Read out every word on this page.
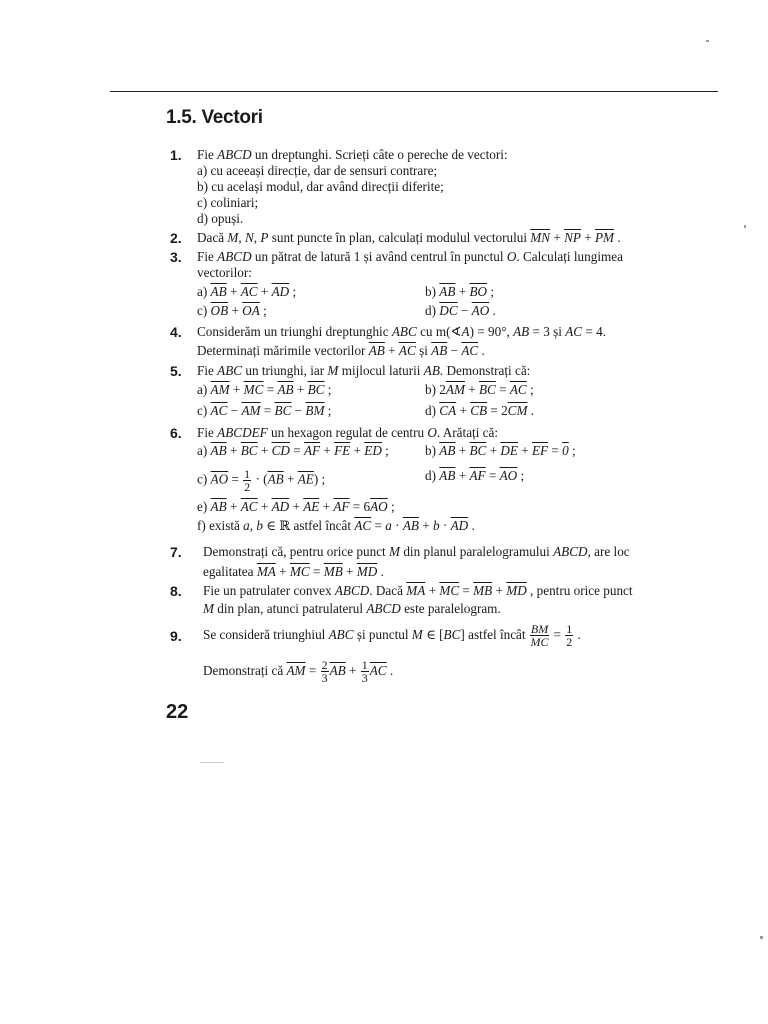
1.5. Vectori
1. Fie ABCD un dreptunghi. Scrieți câte o pereche de vectori:
a) cu aceeași direcție, dar de sensuri contrare;
b) cu același modul, dar având direcții diferite;
c) coliniari;
d) opuși.
2. Dacă M, N, P sunt puncte în plan, calculați modulul vectorului $\overline{MN} + \overline{NP} + \overline{PM}$ .
3. Fie ABCD un pătrat de latură 1 și având centrul în punctul O. Calculați lungimea
vectorilor:
a) $\overline{AB} + \overline{AC} + \overline{AD}$ ;	b) $\overline{AB} + \overline{BO}$ ;
c) $\overline{OB} + \overline{OA}$ ;	d) $\overline{DC} - \overline{AO}$ .
4. Considerăm un triunghi dreptunghic ABC cu m(∢A) = 90°, AB = 3 și AC = 4.
Determinați mărimile vectorilor $\overline{AB} + \overline{AC}$ și $\overline{AB} - \overline{AC}$ .
5. Fie ABC un triunghi, iar M mijlocul laturii AB. Demonstrați că:
a) $\overline{AM} + \overline{MC} = \overline{AB} + \overline{BC}$ ;	b) $2\overline{AM} + \overline{BC} = \overline{AC}$ ;
c) $\overline{AC} - \overline{AM} = \overline{BC} - \overline{BM}$ ;	d) $\overline{CA} + \overline{CB} = 2\overline{CM}$ .
6. Fie ABCDEF un hexagon regulat de centru O. Arătați că:
a) $\overline{AB} + \overline{BC} + \overline{CD} = \overline{AF} + \overline{FE} + \overline{ED}$ ;	b) $\overline{AB} + \overline{BC} + \overline{DE} + \overline{EF} = 0$ ;
c) $\overline{AO} = \frac{1}{2} \cdot (\overline{AB} + \overline{AE})$ ;	d) $\overline{AB} + \overline{AF} = \overline{AO}$ ;
e) $\overline{AB} + \overline{AC} + \overline{AD} + \overline{AE} + \overline{AF} = 6\overline{AO}$ ;
f) există a, b ∈ ℝ astfel încât $\overline{AC} = a \cdot \overline{AB} + b \cdot \overline{AD}$ .
7. Demonstrați că, pentru orice punct M din planul paralelogramului ABCD, are loc
egalitatea $\overline{MA} + \overline{MC} = \overline{MB} + \overline{MD}$ .
8. Fie un patrulater convex ABCD. Dacă $\overline{MA} + \overline{MC} = \overline{MB} + \overline{MD}$ , pentru orice punct
M din plan, atunci patrulaterul ABCD este paralelogram.
9. Se consideră triunghiul ABC și punctul M ∈ [BC] astfel încât $\frac{BM}{MC} = \frac{1}{2}$ .
Demonstrați că $\overline{AM} = \frac{2}{3} \overline{AB} + \frac{1}{3} \overline{AC}$ .
22
